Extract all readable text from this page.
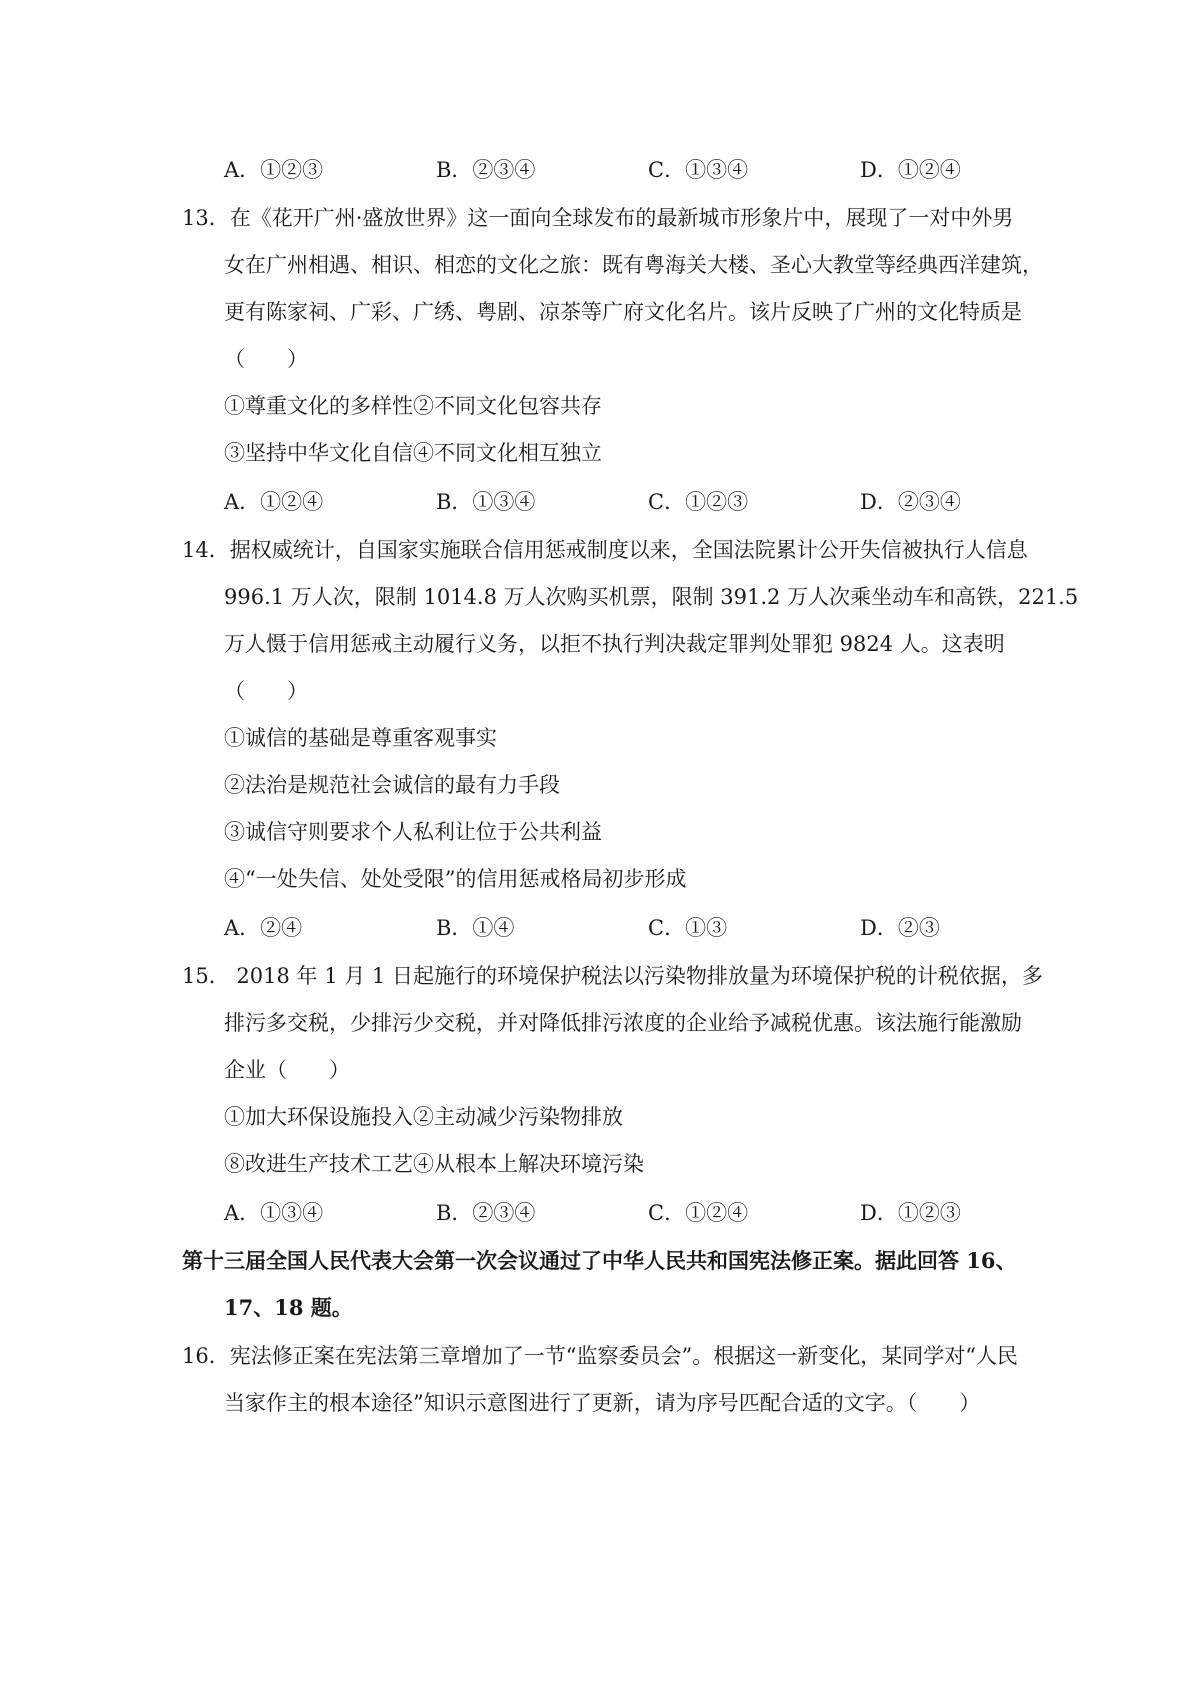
A．①②③	B．②③④	C．①③④	D．①②④
13．在《花开广州·盛放世界》这一面向全球发布的最新城市形象片中，展现了一对中外男
女在广州相遇、相识、相恋的文化之旅：既有粤海关大楼、圣心大教堂等经典西洋建筑，
更有陈家祠、广彩、广绣、粤剧、凉茶等广府文化名片。该片反映了广州的文化特质是
（　　）
①尊重文化的多样性②不同文化包容共存
③坚持中华文化自信④不同文化相互独立
A．①②④	B．①③④	C．①②③	D．②③④
14．据权威统计，自国家实施联合信用惩戒制度以来，全国法院累计公开失信被执行人信息
996.1 万人次，限制 1014.8 万人次购买机票，限制 391.2 万人次乘坐动车和高铁，221.5
万人慑于信用惩戒主动履行义务，以拒不执行判决裁定罪判处罪犯 9824 人。这表明
（　　）
①诚信的基础是尊重客观事实
②法治是规范社会诚信的最有力手段
③诚信守则要求个人私利让位于公共利益
④“一处失信、处处受限”的信用惩戒格局初步形成
A．②④	B．①④	C．①③	D．②③
15． 2018 年 1 月 1 日起施行的环境保护税法以污染物排放量为环境保护税的计税依据，多
排污多交税，少排污少交税，并对降低排污浓度的企业给予减税优惠。该法施行能激励
企业（　　）
①加大环保设施投入②主动减少污染物排放
⑧改进生产技术工艺④从根本上解决环境污染
A．①③④	B．②③④	C．①②④	D．①②③
第十三届全国人民代表大会第一次会议通过了中华人民共和国宪法修正案。据此回答 16、
17、18 题。
16．宪法修正案在宪法第三章增加了一节“监察委员会”。根据这一新变化，某同学对“人民
当家作主的根本途径”知识示意图进行了更新，请为序号匹配合适的文字。（　　）
